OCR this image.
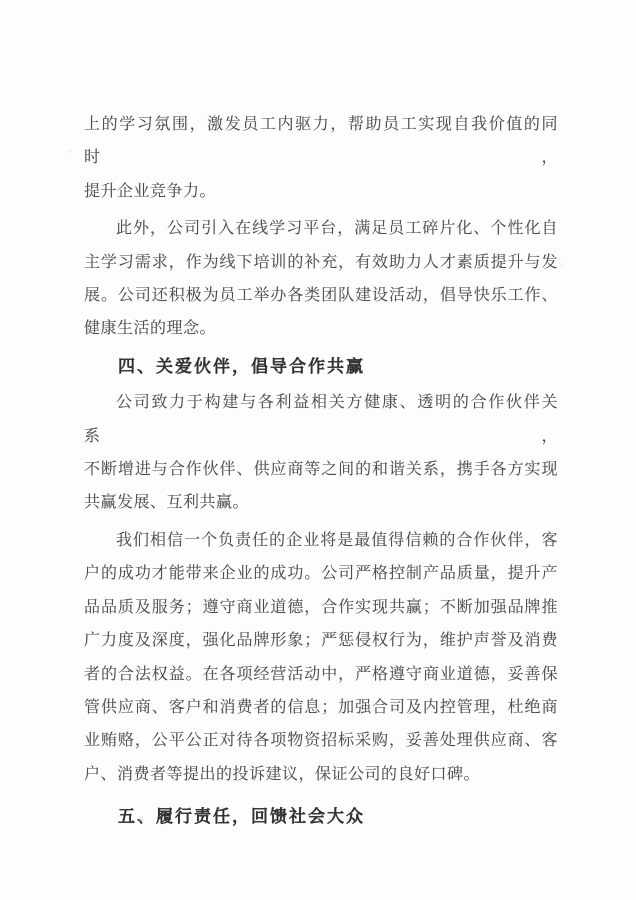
上的学习氛围，激发员工内驱力，帮助员工实现自我价值的同时，
提升企业竞争力。
此外，公司引入在线学习平台，满足员工碎片化、个性化自
主学习需求，作为线下培训的补充，有效助力人才素质提升与发
展。公司还积极为员工举办各类团队建设活动，倡导快乐工作、
健康生活的理念。
四、关爱伙伴，倡导合作共赢
公司致力于构建与各利益相关方健康、透明的合作伙伴关系，
不断增进与合作伙伴、供应商等之间的和谐关系，携手各方实现
共赢发展、互利共赢。
我们相信一个负责任的企业将是最值得信赖的合作伙伴，客
户的成功才能带来企业的成功。公司严格控制产品质量，提升产
品品质及服务；遵守商业道德，合作实现共赢；不断加强品牌推
广力度及深度，强化品牌形象；严惩侵权行为，维护声誉及消费
者的合法权益。在各项经营活动中，严格遵守商业道德，妥善保
管供应商、客户和消费者的信息；加强合司及内控管理，杜绝商
业贿赂，公平公正对待各项物资招标采购，妥善处理供应商、客
户、消费者等提出的投诉建议，保证公司的良好口碑。
五、履行责任，回馈社会大众
